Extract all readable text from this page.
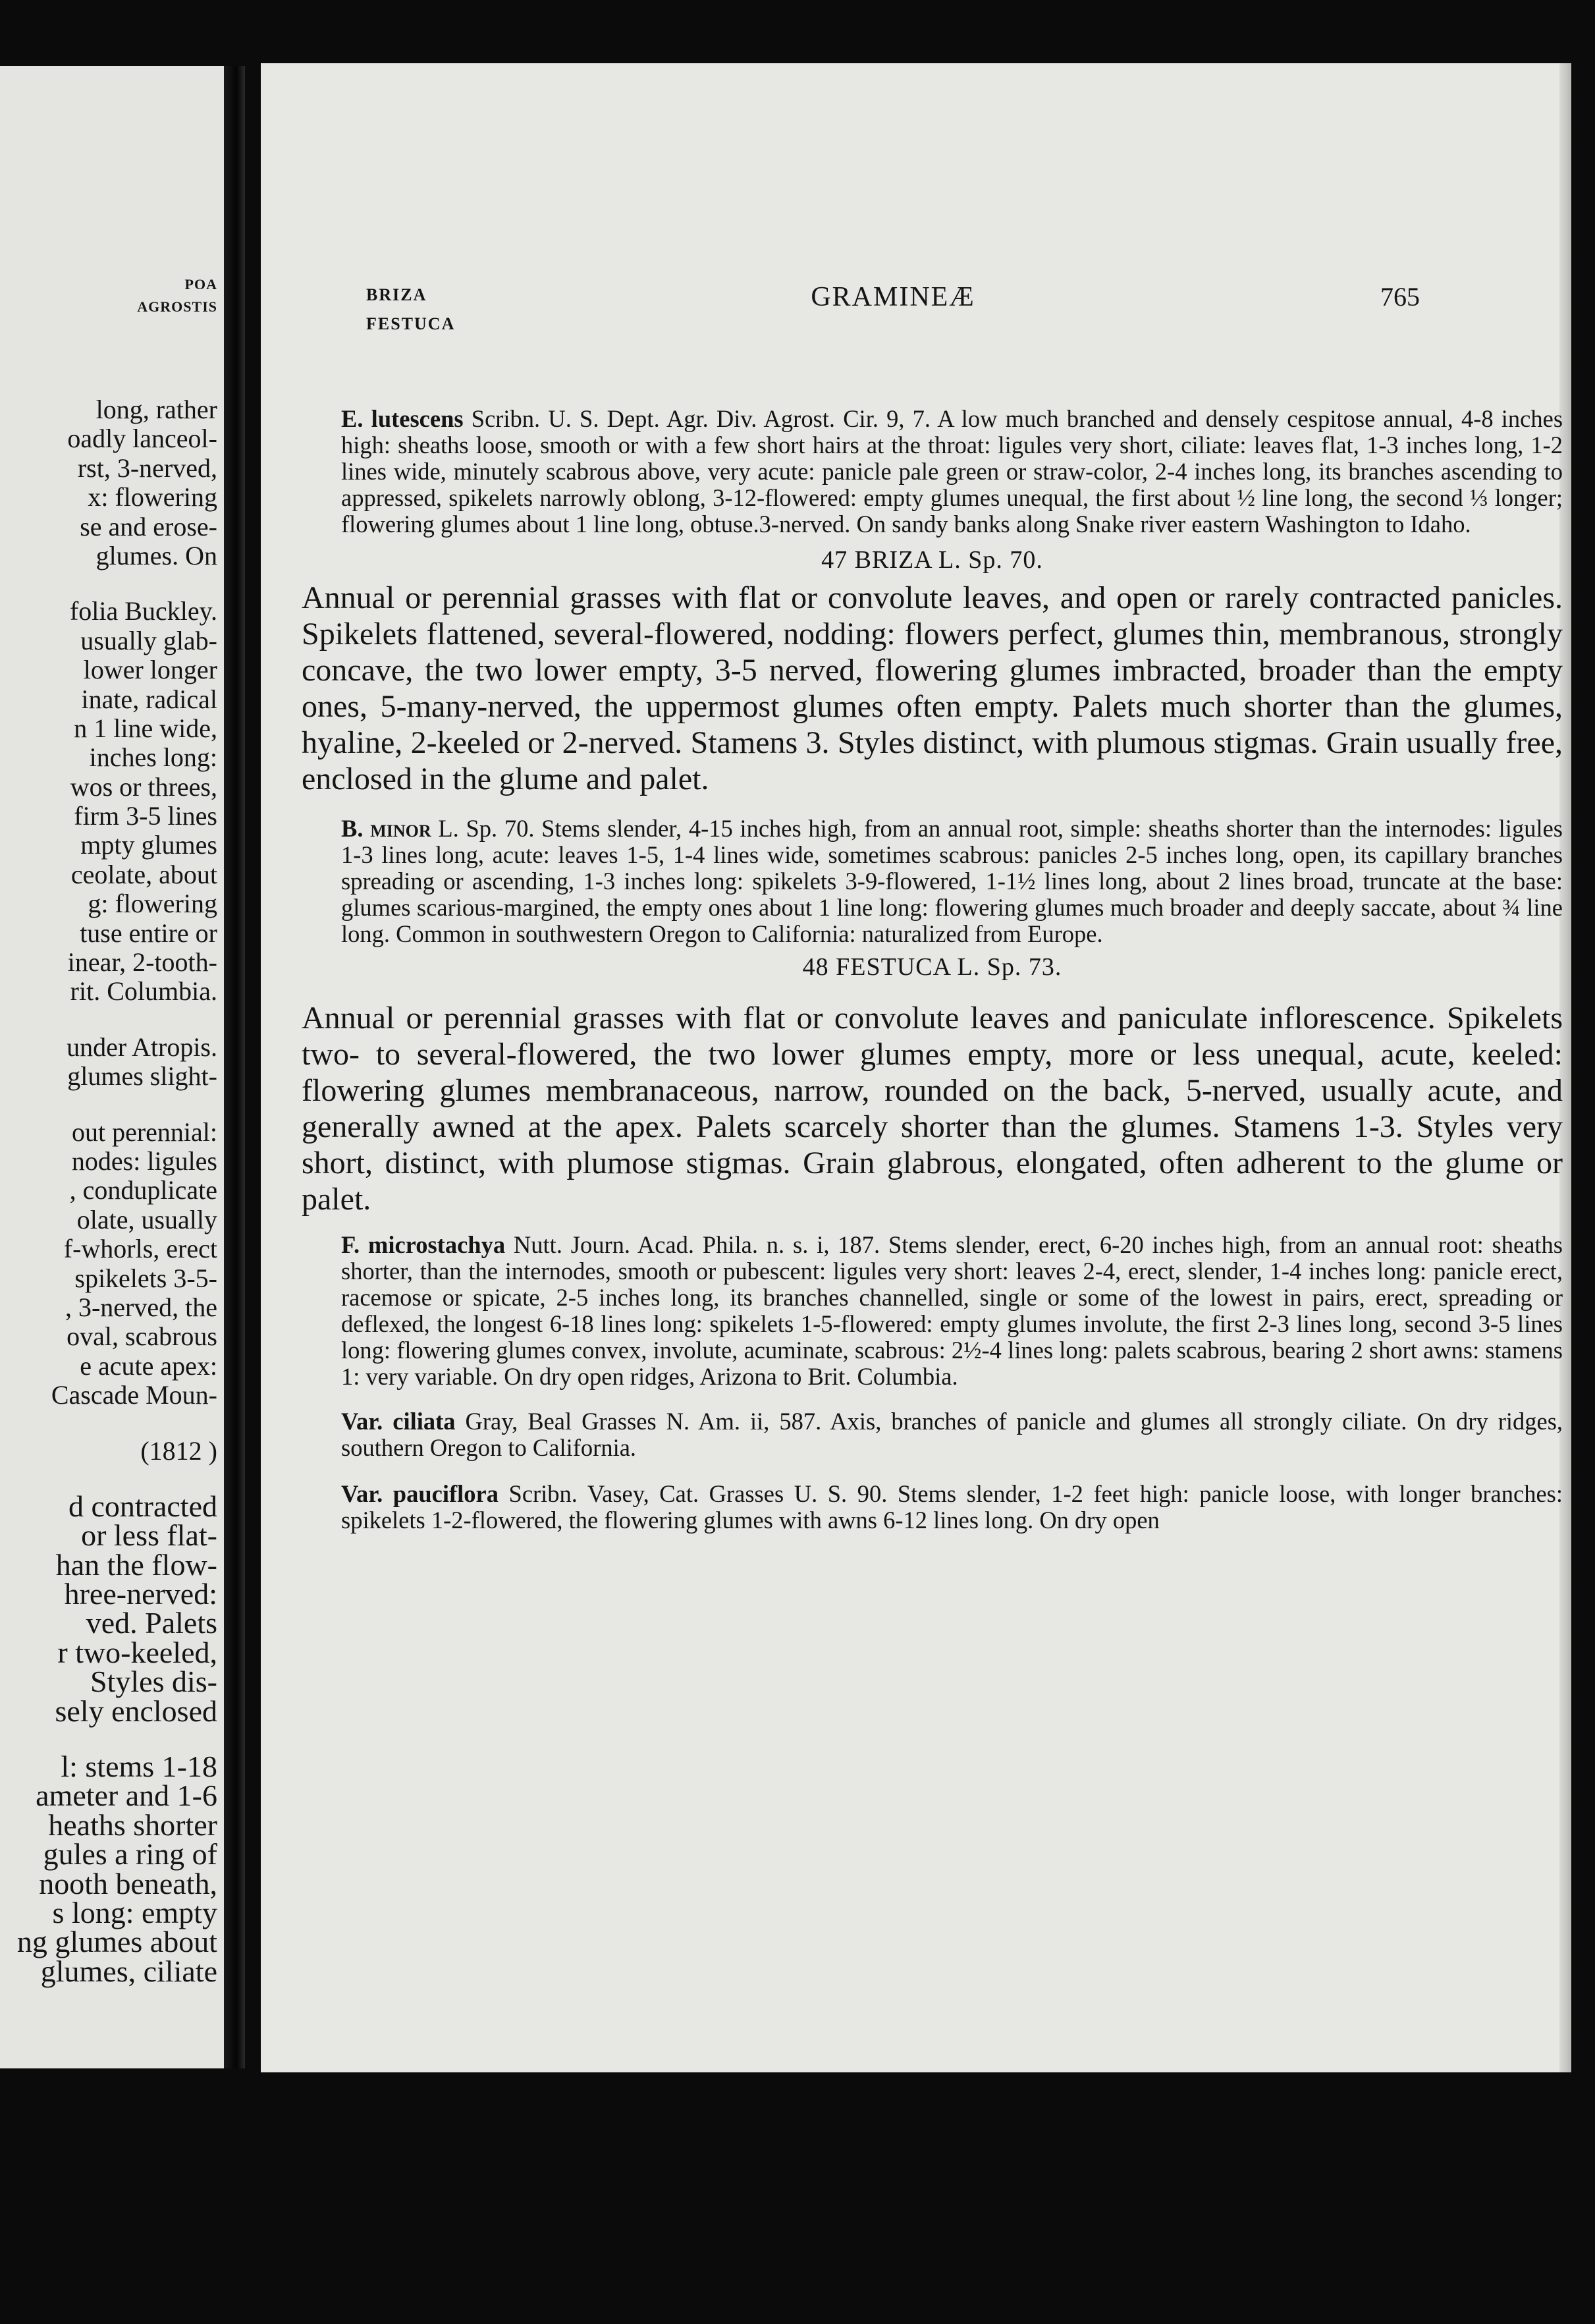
POA
AGROSTIS
long, rather
oadly lanceol-
rst, 3-nerved,
x: flowering
se and erose-
glumes. On
folia Buckley.
usually glab-
lower longer
inate, radical
n 1 line wide,
inches long:
wos or threes,
firm 3-5 lines
mpty glumes
ceolate, about
g: flowering
tuse entire or
inear, 2-tooth-
rit. Columbia.
under Atropis.
glumes slight-
out perennial:
nodes: ligules
, conduplicate
olate, usually
f-whorls, erect
spikelets 3-5-
, 3-nerved, the
oval, scabrous
e acute apex:
Cascade Moun-
(1812 )
d contracted
or less flat-
han the flow-
hree-nerved:
ved. Palets
r two-keeled,
Styles dis-
sely enclosed
l: stems 1-18
ameter and 1-6
heaths shorter
gules a ring of
nooth beneath,
s long: empty
ng glumes about
glumes, ciliate
BRIZA
FESTUCA
GRAMINEÆ	765

E. lutescens Scribn. U. S. Dept. Agr. Div. Agrost. Cir. 9, 7. A low much branched and densely cespitose annual, 4-8 inches high: sheaths loose, smooth or with a few short hairs at the throat: ligules very short, ciliate: leaves flat, 1-3 inches long, 1-2 lines wide, minutely scabrous above, very acute: panicle pale green or straw-color, 2-4 inches long, its branches ascending to appressed, spikelets narrowly oblong, 3-12-flowered: empty glumes unequal, the first about ½ line long, the second ⅓ longer; flowering glumes about 1 line long, obtuse.3-nerved. On sandy banks along Snake river eastern Washington to Idaho.

47 BRIZA L. Sp. 70.

Annual or perennial grasses with flat or convolute leaves, and open or rarely contracted panicles. Spikelets flattened, several-flowered, nodding: flowers perfect, glumes thin, membranous, strongly concave, the two lower empty, 3-5 nerved, flowering glumes imbracted, broader than the empty ones, 5-many-nerved, the uppermost glumes often empty. Palets much shorter than the glumes, hyaline, 2-keeled or 2-nerved. Stamens 3. Styles distinct, with plumous stigmas. Grain usually free, enclosed in the glume and palet.

B. minor L. Sp. 70. Stems slender, 4-15 inches high, from an annual root, simple: sheaths shorter than the internodes: ligules 1-3 lines long, acute: leaves 1-5, 1-4 lines wide, sometimes scabrous: panicles 2-5 inches long, open, its capillary branches spreading or ascending, 1-3 inches long: spikelets 3-9-flowered, 1-1½ lines long, about 2 lines broad, truncate at the base: glumes scarious-margined, the empty ones about 1 line long: flowering glumes much broader and deeply saccate, about ¾ line long. Common in southwestern Oregon to California: naturalized from Europe.

48 FESTUCA L. Sp. 73.

Annual or perennial grasses with flat or convolute leaves and paniculate inflorescence. Spikelets two- to several-flowered, the two lower glumes empty, more or less unequal, acute, keeled: flowering glumes membranaceous, narrow, rounded on the back, 5-nerved, usually acute, and generally awned at the apex. Palets scarcely shorter than the glumes. Stamens 1-3. Styles very short, distinct, with plumose stigmas. Grain glabrous, elongated, often adherent to the glume or palet.

F. microstachya Nutt. Journ. Acad. Phila. n. s. i, 187. Stems slender, erect, 6-20 inches high, from an annual root: sheaths shorter, than the internodes, smooth or pubescent: ligules very short: leaves 2-4, erect, slender, 1-4 inches long: panicle erect, racemose or spicate, 2-5 inches long, its branches channelled, single or some of the lowest in pairs, erect, spreading or deflexed, the longest 6-18 lines long: spikelets 1-5-flowered: empty glumes involute, the first 2-3 lines long, second 3-5 lines long: flowering glumes convex, involute, acuminate, scabrous: 2½-4 lines long: palets scabrous, bearing 2 short awns: stamens 1: very variable. On dry open ridges, Arizona to Brit. Columbia.

Var. ciliata Gray, Beal Grasses N. Am. ii, 587. Axis, branches of panicle and glumes all strongly ciliate. On dry ridges, southern Oregon to California.

Var. pauciflora Scribn. Vasey, Cat. Grasses U. S. 90. Stems slender, 1-2 feet high: panicle loose, with longer branches: spikelets 1-2-flowered, the flowering glumes with awns 6-12 lines long. On dry open
